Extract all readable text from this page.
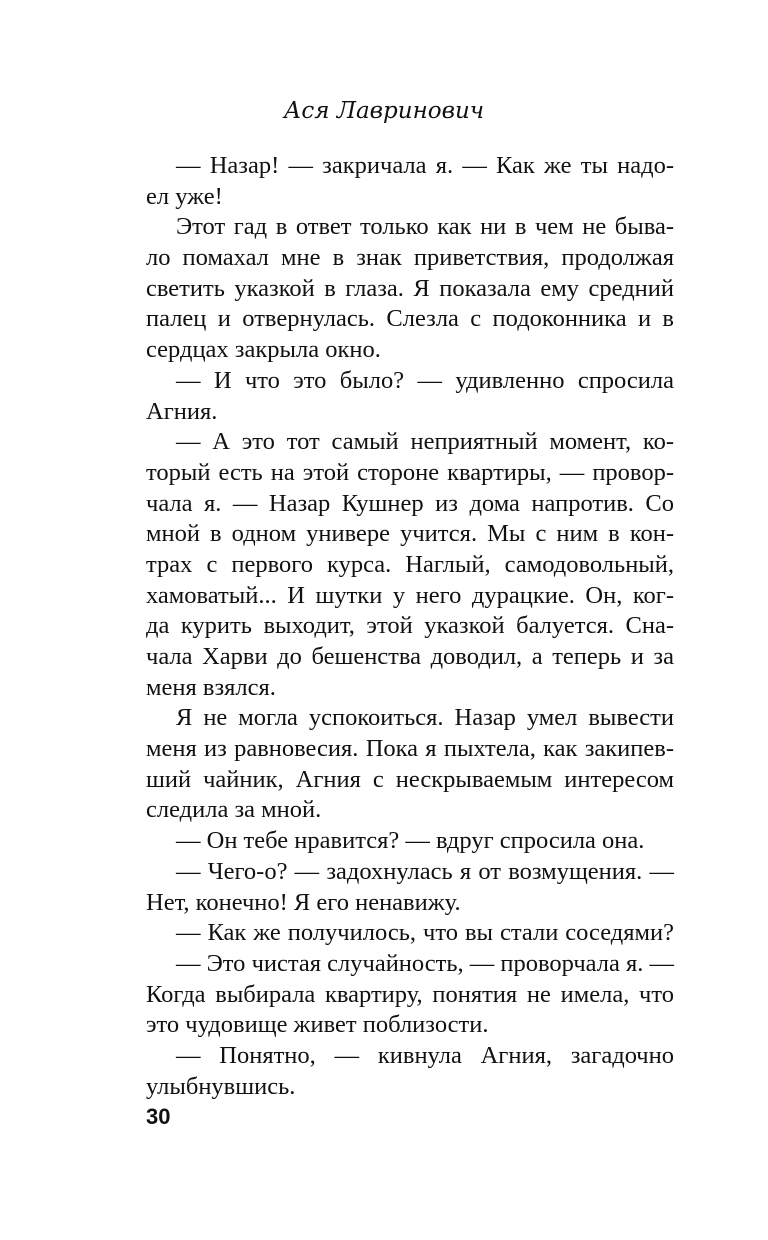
Ася Лавринович
— Назар! — закричала я. — Как же ты надо-
ел уже!
Этот гад в ответ только как ни в чем не быва-
ло помахал мне в знак приветствия, продолжая
светить указкой в глаза. Я показала ему средний
палец и отвернулась. Слезла с подоконника и в
сердцах закрыла окно.
— И что это было? — удивленно спросила
Агния.
— А это тот самый неприятный момент, ко-
торый есть на этой стороне квартиры, — провор-
чала я. — Назар Кушнер из дома напротив. Со
мной в одном универе учится. Мы с ним в кон-
трах с первого курса. Наглый, самодовольный,
хамоватый... И шутки у него дурацкие. Он, ког-
да курить выходит, этой указкой балуется. Сна-
чала Харви до бешенства доводил, а теперь и за
меня взялся.
Я не могла успокоиться. Назар умел вывести
меня из равновесия. Пока я пыхтела, как закипев-
ший чайник, Агния с нескрываемым интересом
следила за мной.
— Он тебе нравится? — вдруг спросила она.
— Чего-о? — задохнулась я от возмущения. —
Нет, конечно! Я его ненавижу.
— Как же получилось, что вы стали соседями?
— Это чистая случайность, — проворчала я. —
Когда выбирала квартиру, понятия не имела, что
это чудовище живет поблизости.
— Понятно, — кивнула Агния, загадочно
улыбнувшись.
30
